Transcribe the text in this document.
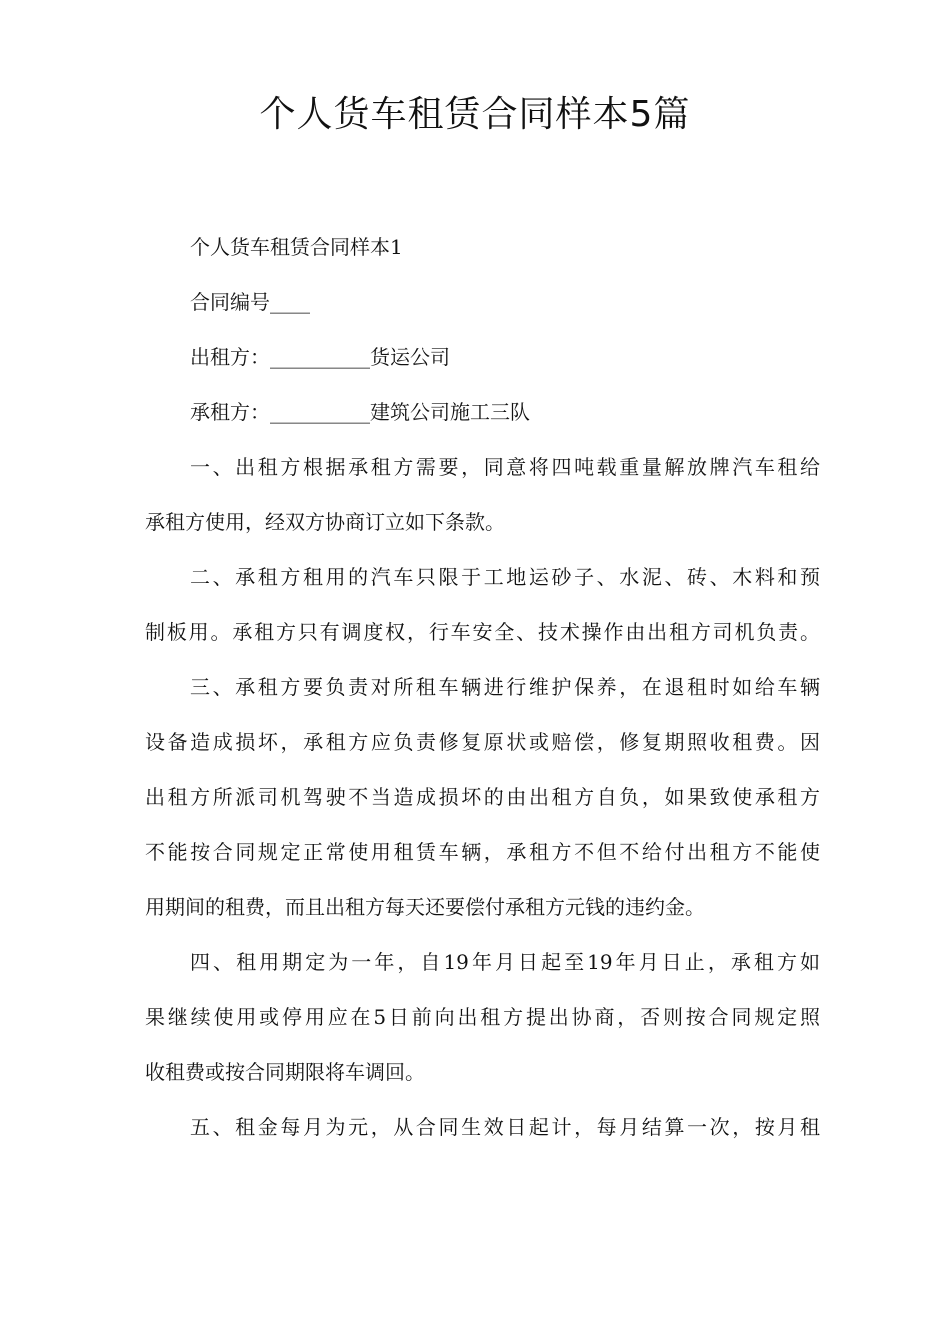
个人货车租赁合同样本5篇

个人货车租赁合同样本1

合同编号____

出租方：__________货运公司

承租方：__________建筑公司施工三队

一、出租方根据承租方需要，同意将四吨载重量解放牌汽车租给

承租方使用，经双方协商订立如下条款。

二、承租方租用的汽车只限于工地运砂子、水泥、砖、木料和预

制板用。承租方只有调度权，行车安全、技术操作由出租方司机负责。

三、承租方要负责对所租车辆进行维护保养，在退租时如给车辆

设备造成损坏，承租方应负责修复原状或赔偿，修复期照收租费。因

出租方所派司机驾驶不当造成损坏的由出租方自负，如果致使承租方

不能按合同规定正常使用租赁车辆，承租方不但不给付出租方不能使

用期间的租费，而且出租方每天还要偿付承租方元钱的违约金。

四、租用期定为一年，自19年月日起至19年月日止，承租方如

果继续使用或停用应在5日前向出租方提出协商，否则按合同规定照

收租费或按合同期限将车调回。

五、租金每月为元，从合同生效日起计，每月结算一次，按月租
